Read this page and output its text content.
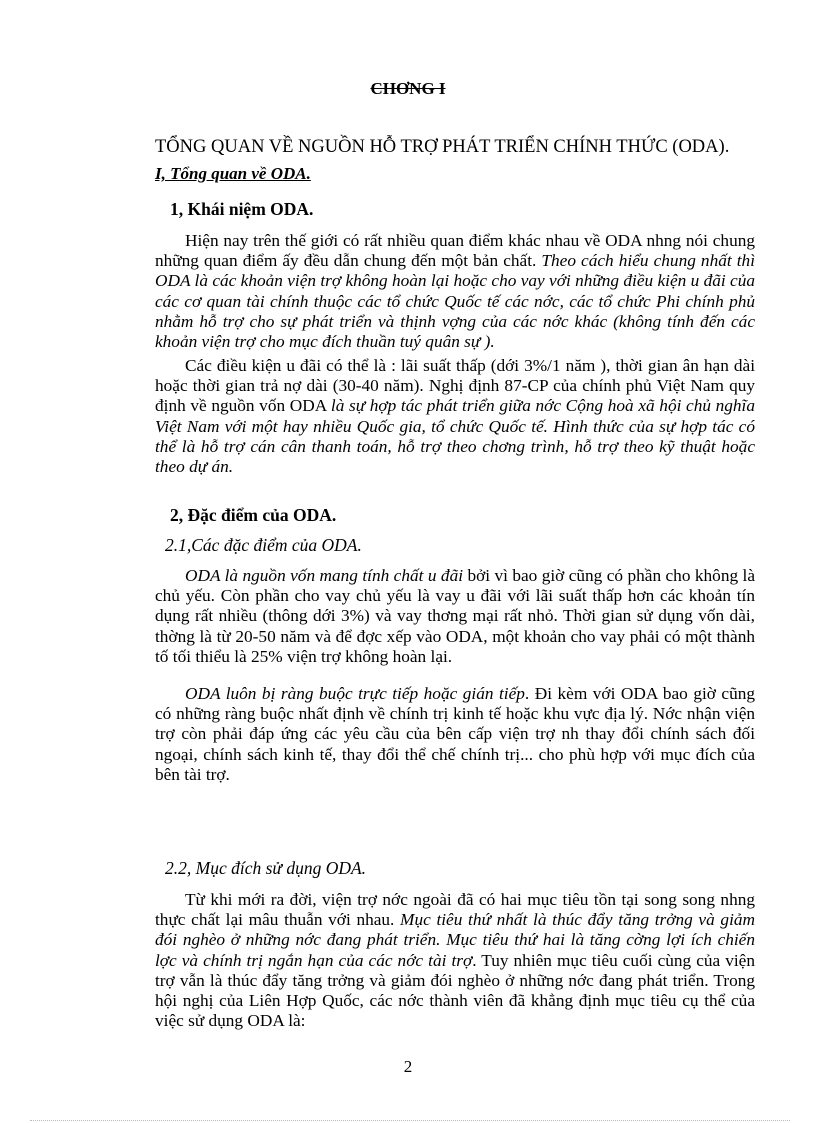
CHƠNG I
TỔNG QUAN VỀ NGUỒN HỖ TRỢ PHÁT TRIỂN CHÍNH THỨC (ODA).
I, Tổng quan về ODA.
1, Khái niệm ODA.

Hiện nay trên thế giới có rất nhiều quan điểm khác nhau về ODA nhng nói chung những quan điểm ấy đều dẫn chung đến một bản chất. Theo cách hiểu chung nhất thì ODA là các khoản viện trợ không hoàn lại hoặc cho vay với những điều kiện u đãi của các cơ quan tài chính thuộc các tổ chức Quốc tế các nớc, các tổ chức Phi chính phủ nhằm hỗ trợ cho sự phát triển và thịnh vợng của các nớc khác (không tính đến các khoản viện trợ cho mục đích thuần tuý quân sự ).

Các điều kiện u đãi có thể là : lãi suất thấp (dới 3%/1 năm ), thời gian ân hạn dài hoặc thời gian trả nợ dài (30-40 năm). Nghị định 87-CP của chính phủ Việt Nam quy định về nguồn vốn ODA là sự hợp tác phát triển giữa nớc Cộng hoà xã hội chủ nghĩa Việt Nam với một hay nhiều Quốc gia, tổ chức Quốc tế. Hình thức của sự hợp tác có thể là hỗ trợ cán cân thanh toán, hỗ trợ theo chơng trình, hỗ trợ theo kỹ thuật hoặc theo dự án.

2, Đặc điểm của ODA.
2.1,Các đặc điểm của ODA.

ODA là nguồn vốn mang tính chất u đãi bởi vì bao giờ cũng có phần cho không là chủ yếu. Còn phần cho vay chủ yếu là vay u đãi với lãi suất thấp hơn các khoản tín dụng rất nhiều (thông dới 3%) và vay thơng mại rất nhỏ. Thời gian sử dụng vốn dài, thờng là từ 20-50 năm và để đợc xếp vào ODA, một khoản cho vay phải có một thành tố tối thiểu là 25% viện trợ không hoàn lại.

ODA luôn bị ràng buộc trực tiếp hoặc gián tiếp. Đi kèm với ODA bao giờ cũng có những ràng buộc nhất định về chính trị kinh tế hoặc khu vực địa lý. Nớc nhận viện trợ còn phải đáp ứng các yêu cầu của bên cấp viện trợ nh thay đổi chính sách đối ngoại, chính sách kinh tế, thay đổi thể chế chính trị... cho phù hợp với mục đích của bên tài trợ.

2.2, Mục đích sử dụng ODA.

Từ khi mới ra đời, viện trợ nớc ngoài đã có hai mục tiêu tồn tại song song nhng thực chất lại mâu thuẫn với nhau. Mục tiêu thứ nhất là thúc đẩy tăng trởng và giảm đói nghèo ở những nớc đang phát triển. Mục tiêu thứ hai là tăng cờng lợi ích chiến lợc và chính trị ngắn hạn của các nớc tài trợ. Tuy nhiên mục tiêu cuối cùng của viện trợ vẫn là thúc đẩy tăng trởng và giảm đói nghèo ở những nớc đang phát triển. Trong hội nghị của Liên Hợp Quốc, các nớc thành viên đã khẳng định mục tiêu cụ thể của việc sử dụng ODA là:

2
